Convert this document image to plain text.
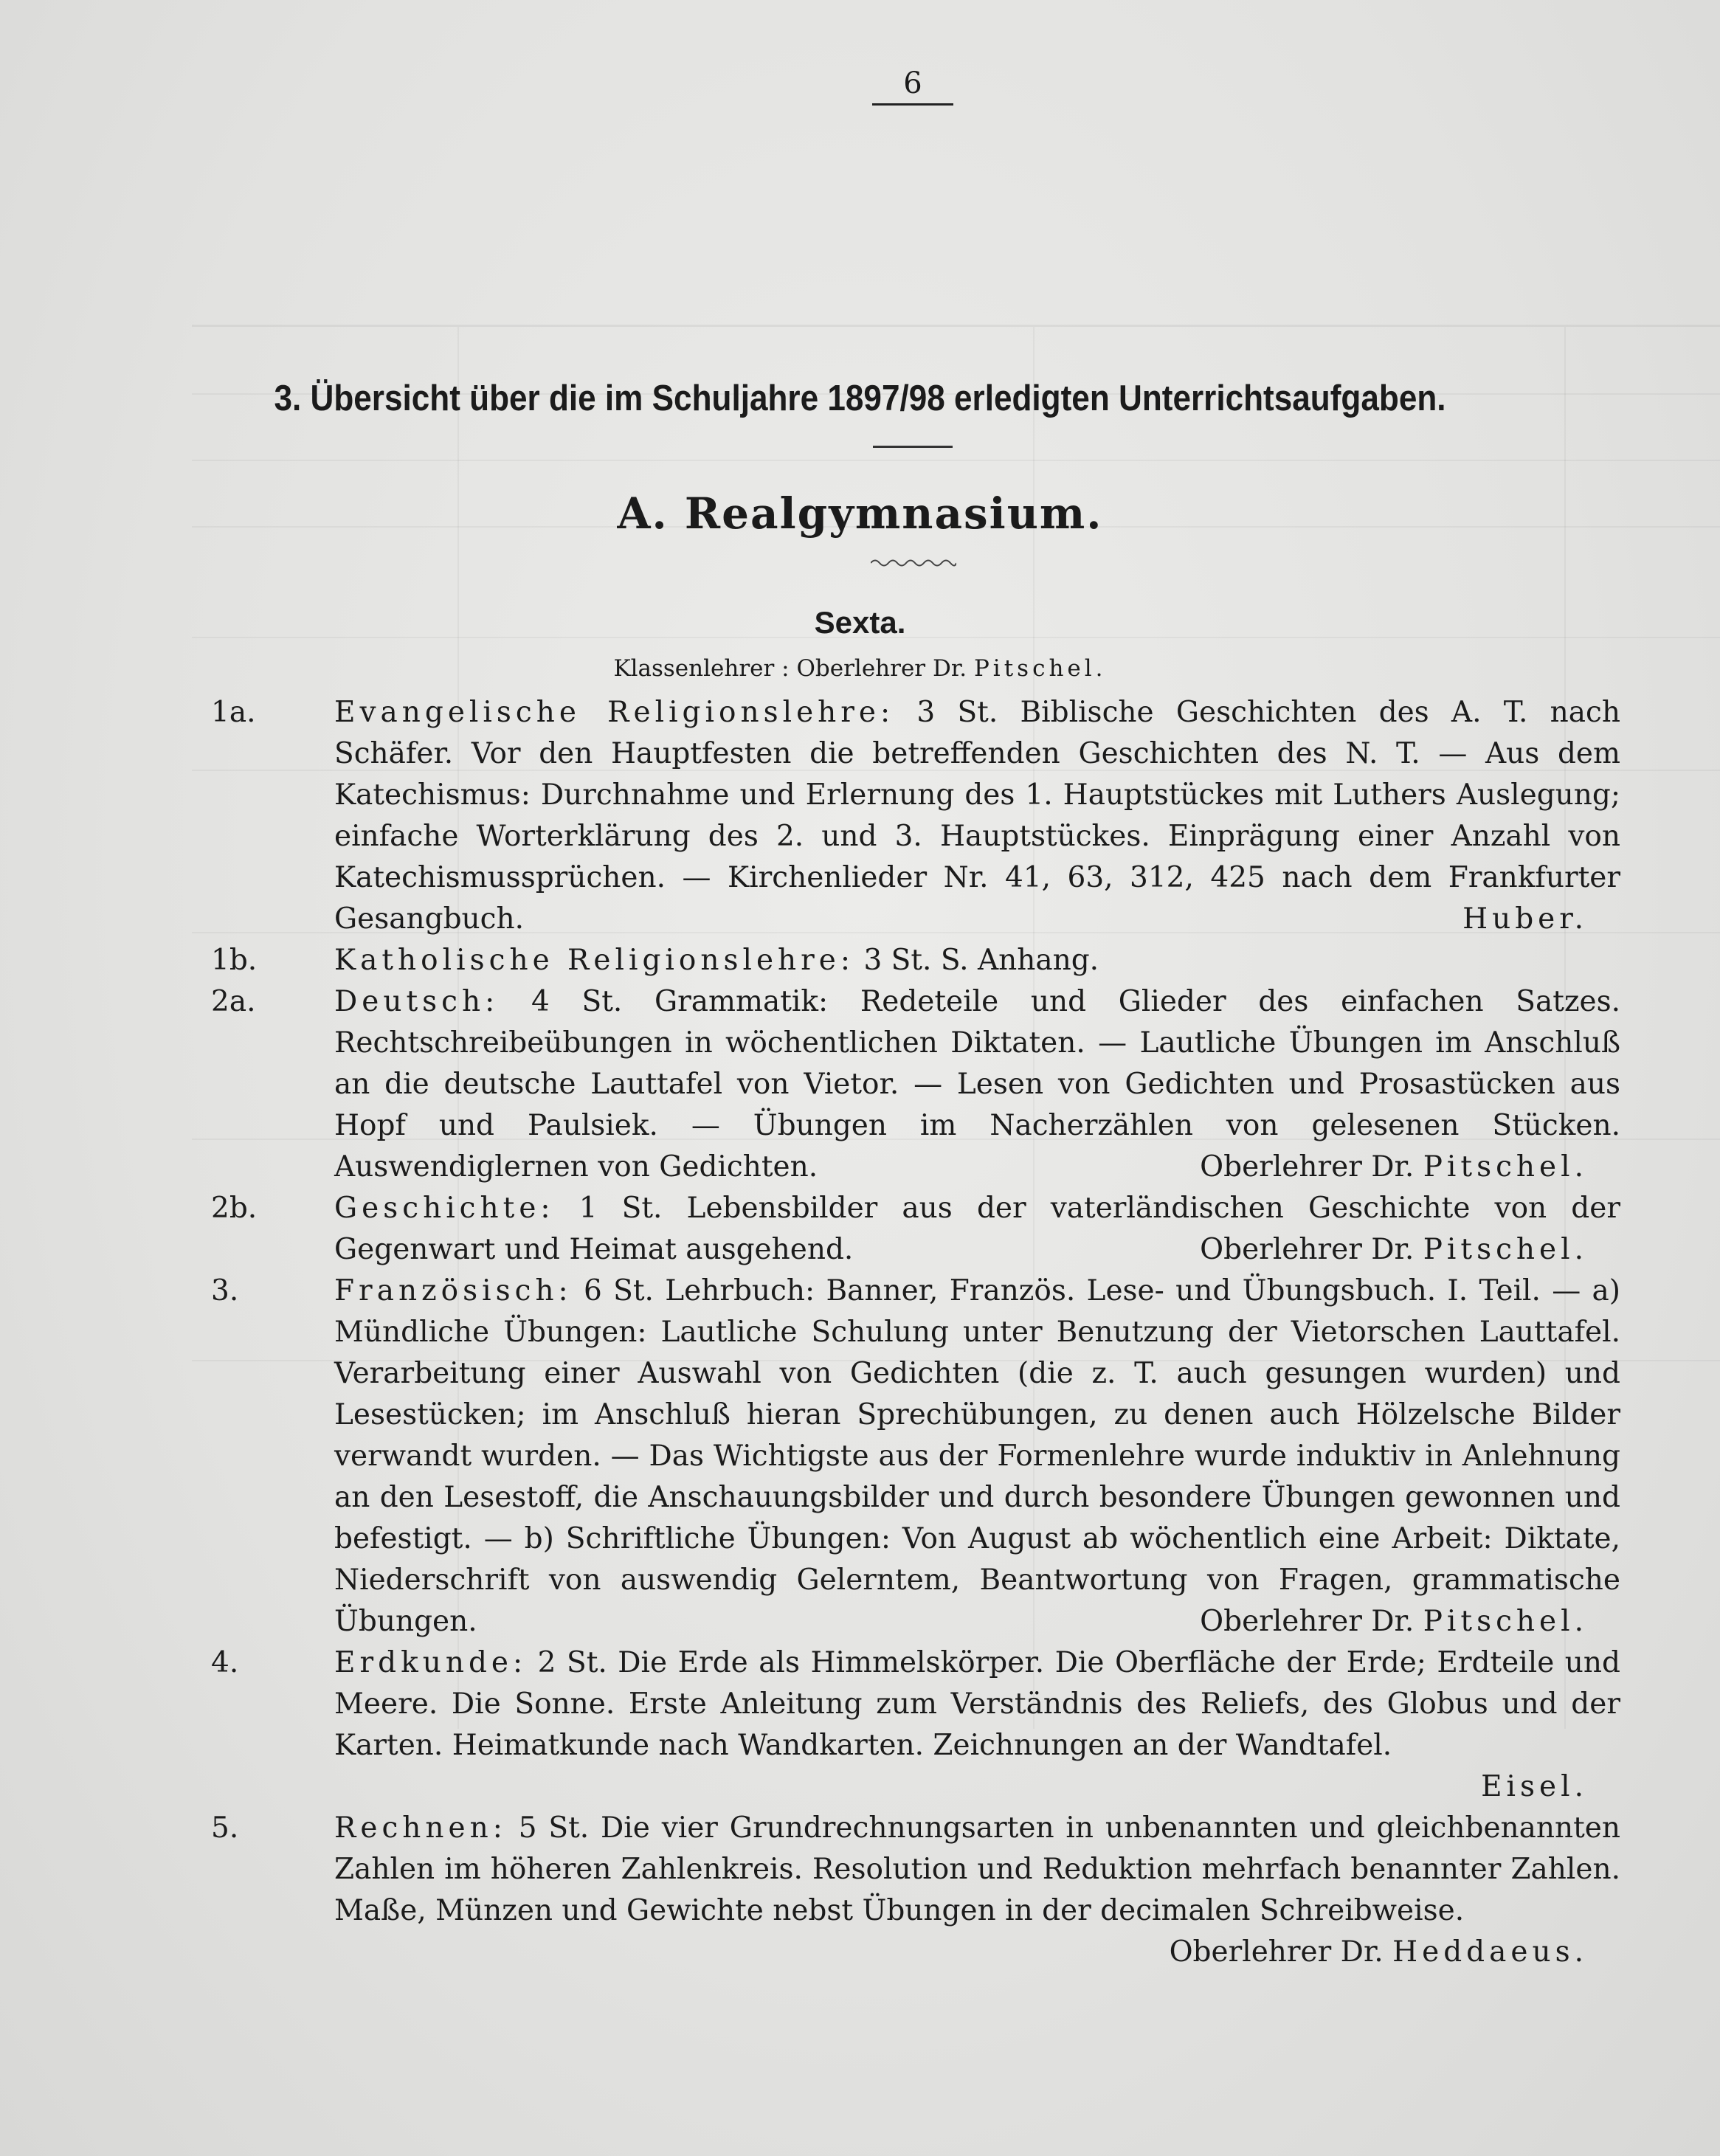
6
3. Übersicht über die im Schuljahre 1897/98 erledigten Unterrichtsaufgaben.
A. Realgymnasium.
Sexta.
Klassenlehrer : Oberlehrer Dr. Pitschel.
1a.	Evangelische Religionslehre: 3 St. Biblische Geschichten des A. T. nach Schäfer. Vor den Hauptfesten die betreffenden Geschichten des N. T. — Aus dem Katechismus: Durchnahme und Erlernung des 1. Hauptstückes mit Luthers Auslegung; einfache Worterklärung des 2. und 3. Hauptstückes. Einprägung einer Anzahl von Katechismussprüchen. — Kirchenlieder Nr. 41, 63, 312, 425 nach dem Frankfurter Gesangbuch.	Huber.
1b.	Katholische Religionslehre: 3 St. S. Anhang.
2a.	Deutsch: 4 St. Grammatik: Redeteile und Glieder des einfachen Satzes. Rechtschreibeübungen in wöchentlichen Diktaten. — Lautliche Übungen im Anschluß an die deutsche Lauttafel von Vietor. — Lesen von Gedichten und Prosastücken aus Hopf und Paulsiek. — Übungen im Nacherzählen von gelesenen Stücken. Auswendiglernen von Gedichten.	Oberlehrer Dr. Pitschel.
2b.	Geschichte: 1 St. Lebensbilder aus der vaterländischen Geschichte von der Gegenwart und Heimat ausgehend.	Oberlehrer Dr. Pitschel.
3.	Französisch: 6 St. Lehrbuch: Banner, Französ. Lese- und Übungsbuch. I. Teil. — a) Mündliche Übungen: Lautliche Schulung unter Benutzung der Vietorschen Lauttafel. Verarbeitung einer Auswahl von Gedichten (die z. T. auch gesungen wurden) und Lesestücken; im Anschluß hieran Sprechübungen, zu denen auch Hölzelsche Bilder verwandt wurden. — Das Wichtigste aus der Formenlehre wurde induktiv in Anlehnung an den Lesestoff, die Anschauungsbilder und durch besondere Übungen gewonnen und befestigt. — b) Schriftliche Übungen: Von August ab wöchentlich eine Arbeit: Diktate, Niederschrift von auswendig Gelerntem, Beantwortung von Fragen, grammatische Übungen.	Oberlehrer Dr. Pitschel.
4.	Erdkunde: 2 St. Die Erde als Himmelskörper. Die Oberfläche der Erde; Erdteile und Meere. Die Sonne. Erste Anleitung zum Verständnis des Reliefs, des Globus und der Karten. Heimatkunde nach Wandkarten. Zeichnungen an der Wandtafel.
Eisel.
5.	Rechnen: 5 St. Die vier Grundrechnungsarten in unbenannten und gleichbenannten Zahlen im höheren Zahlenkreis. Resolution und Reduktion mehrfach benannter Zahlen. Maße, Münzen und Gewichte nebst Übungen in der decimalen Schreibweise.
Oberlehrer Dr. Heddaeus.
